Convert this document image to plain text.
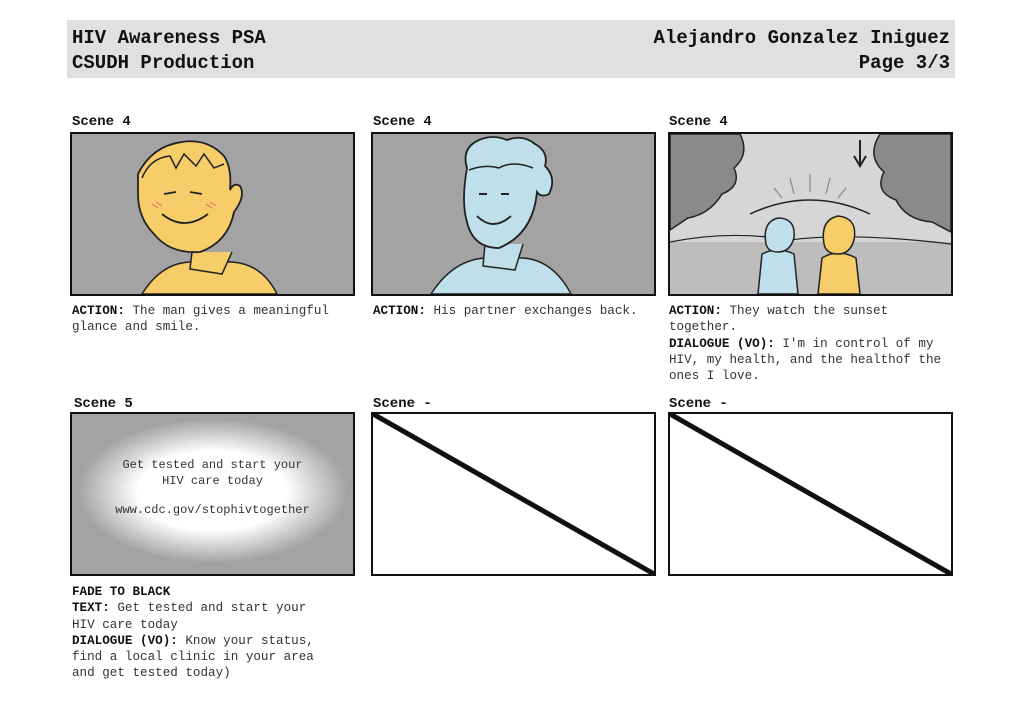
HIV Awareness PSA
CSUDH Production
Alejandro Gonzalez Iniguez
Page 3/3
Scene 4	Scene 4	Scene 4
Scene 5	Scene -	Scene -
Get tested and start your
HIV care today
www.cdc.gov/stophivtogether
ACTION: The man gives a meaningful
glance and smile.
ACTION: His partner exchanges back. ACTION: They watch the sunset
together.
DIALOGUE (VO): I'm in control of my
HIV, my health, and the healthof the
ones I love.
FADE TO BLACK
TEXT: Get tested and start your
HIV care today
DIALOGUE (VO): Know your status,
find a local clinic in your area
and get tested today)
